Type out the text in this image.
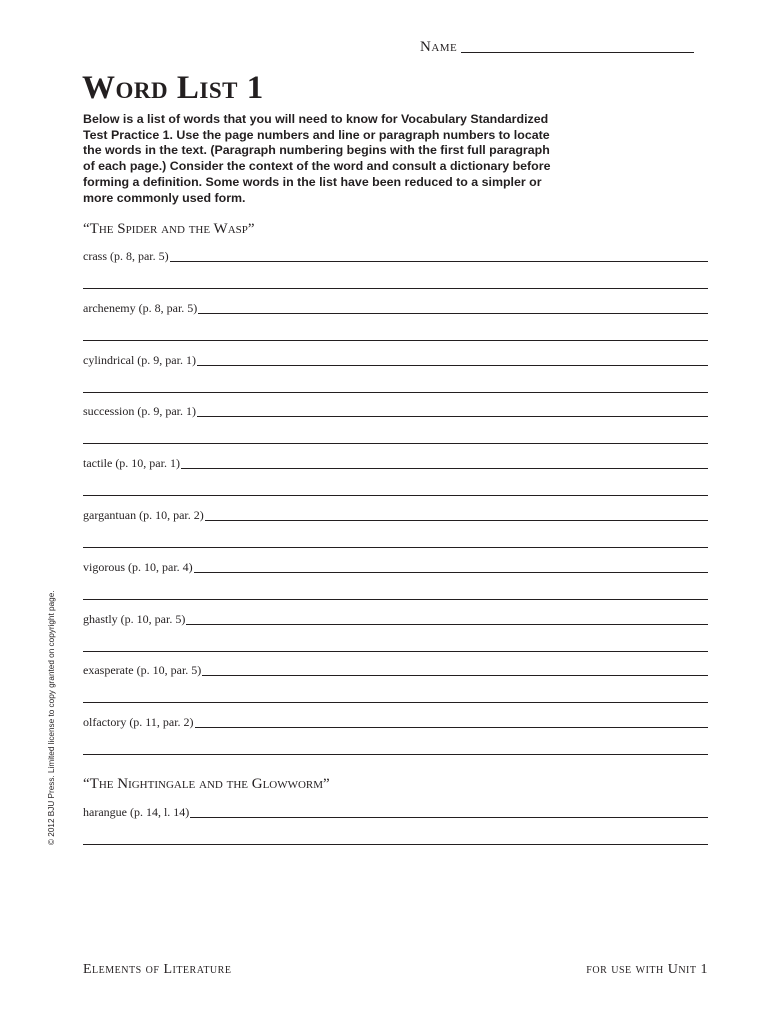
Name
Word List 1

Below is a list of words that you will need to know for Vocabulary Standardized Test Practice 1. Use the page numbers and line or paragraph numbers to locate the words in the text. (Paragraph numbering begins with the first full paragraph of each page.) Consider the context of the word and consult a dictionary before forming a definition. Some words in the list have been reduced to a simpler or more commonly used form.

“The Spider and the Wasp”
crass (p. 8, par. 5)
archenemy (p. 8, par. 5)
cylindrical (p. 9, par. 1)
succession (p. 9, par. 1)
tactile (p. 10, par. 1)
gargantuan (p. 10, par. 2)
vigorous (p. 10, par. 4)
ghastly (p. 10, par. 5)
exasperate (p. 10, par. 5)
olfactory (p. 11, par. 2)
“The Nightingale and the Glowworm”
harangue (p. 14, l. 14)
Elements of Literature	for use with Unit 1
© 2012 BJU Press. Limited license to copy granted on copyright page.
